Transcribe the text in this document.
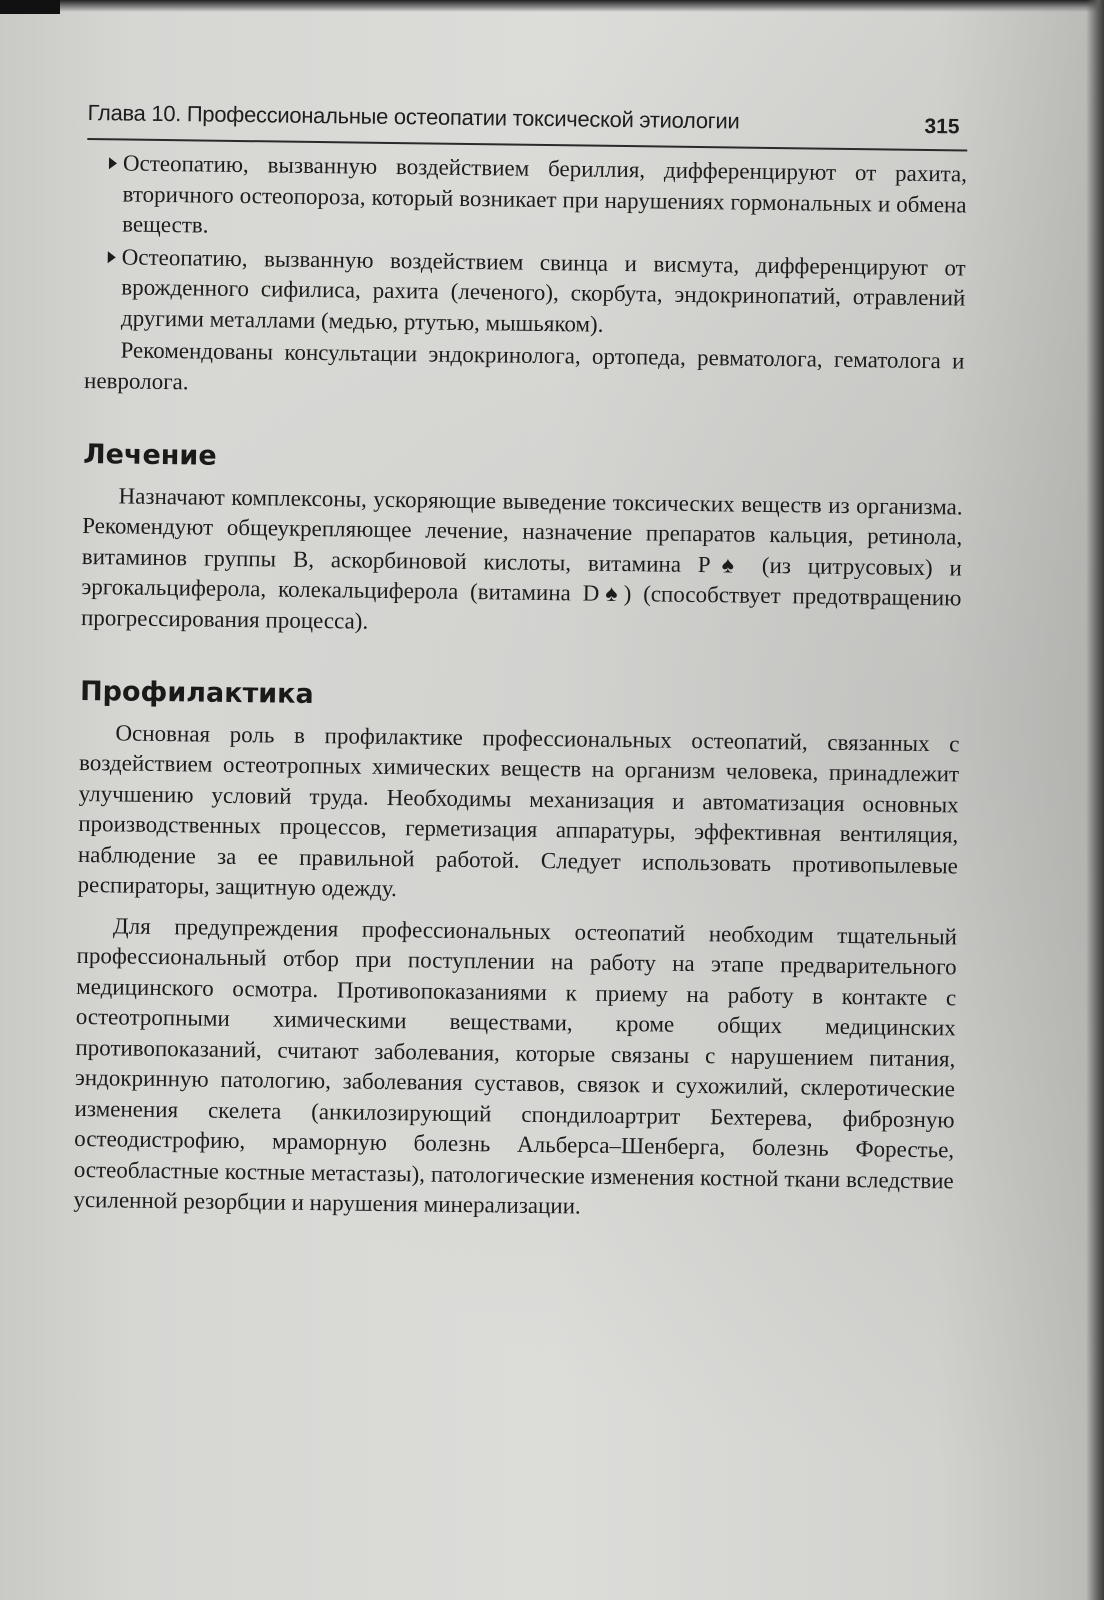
Глава 10. Профессиональные остеопатии токсической этиологии	315
Остеопатию, вызванную воздействием бериллия, дифференцируют от рахита, вторичного остеопороза, который возникает при нарушениях гормональных и обмена веществ.
Остеопатию, вызванную воздействием свинца и висмута, дифференцируют от врожденного сифилиса, рахита (леченого), скорбута, эндокринопатий, отравлений другими металлами (медью, ртутью, мышьяком).

Рекомендованы консультации эндокринолога, ортопеда, ревматолога, гематолога и невролога.

Лечение

Назначают комплексоны, ускоряющие выведение токсических веществ из организма. Рекомендуют общеукрепляющее лечение, назначение препаратов кальция, ретинола, витаминов группы B, аскорбиновой кислоты, витамина P♠ (из цитрусовых) и эргокальциферола, колекальциферола (витамина D♠) (способствует предотвращению прогрессирования процесса).

Профилактика

Основная роль в профилактике профессиональных остеопатий, связанных с воздействием остеотропных химических веществ на организм человека, принадлежит улучшению условий труда. Необходимы механизация и автоматизация основных производственных процессов, герметизация аппаратуры, эффективная вентиляция, наблюдение за ее правильной работой. Следует использовать противопылевые респираторы, защитную одежду.

Для предупреждения профессиональных остеопатий необходим тщательный профессиональный отбор при поступлении на работу на этапе предварительного медицинского осмотра. Противопоказаниями к приему на работу в контакте с остеотропными химическими веществами, кроме общих медицинских противопоказаний, считают заболевания, которые связаны с нарушением питания, эндокринную патологию, заболевания суставов, связок и сухожилий, склеротические изменения скелета (анкилозирующий спондилоартрит Бехтерева, фиброзную остеодистрофию, мраморную болезнь Альберса–Шенберга, болезнь Форестье, остеобластные костные метастазы), патологические изменения костной ткани вследствие усиленной резорбции и нарушения минерализации.
